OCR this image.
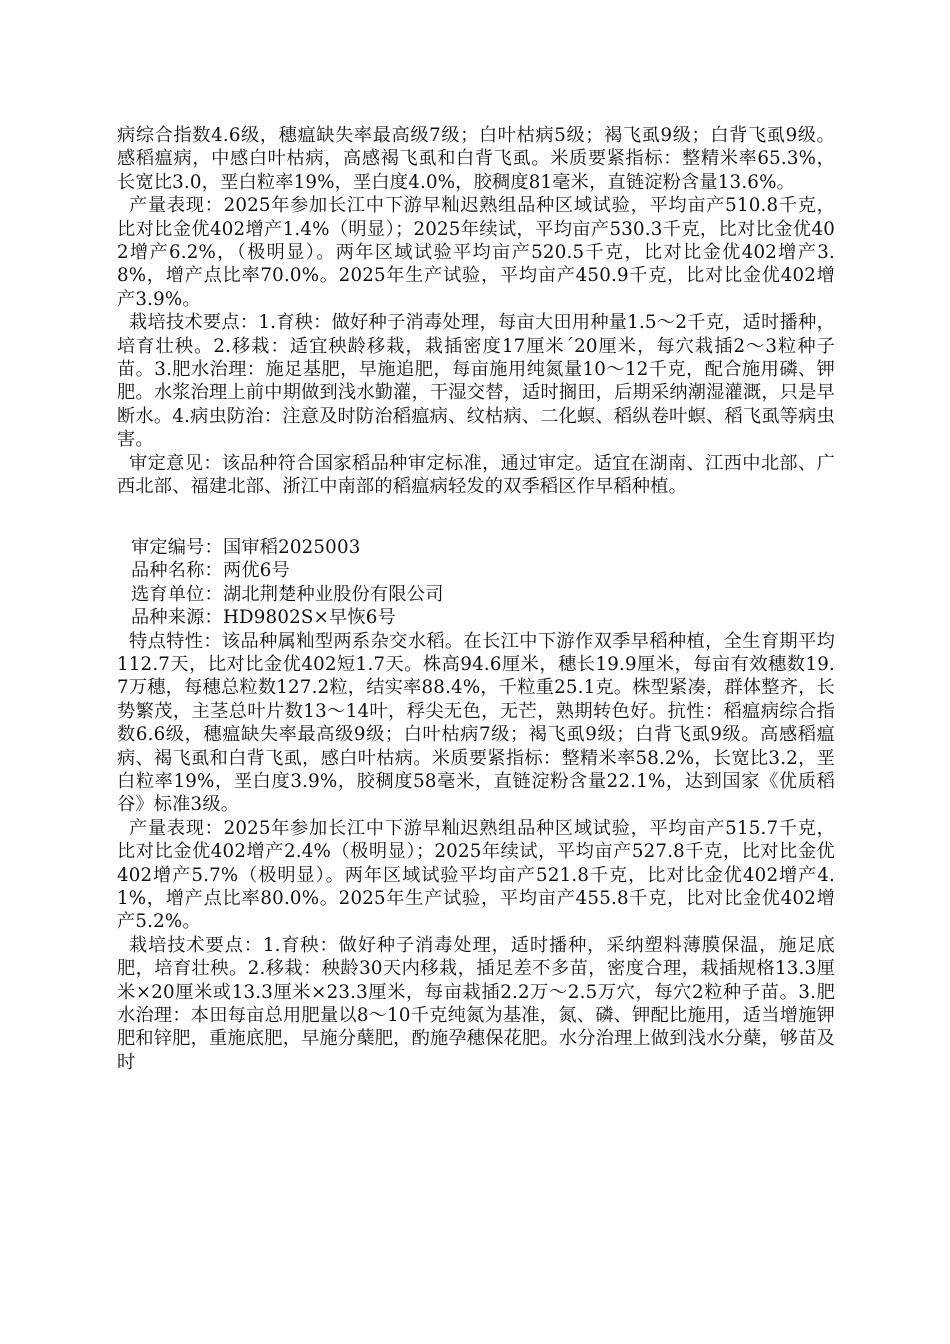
病综合指数4.6级，穗瘟缺失率最高级7级；白叶枯病5级；褐飞虱9级；白背飞虱9级。感稻瘟病，中感白叶枯病，高感褐飞虱和白背飞虱。米质要紧指标：整精米率65.3%，长宽比3.0，垩白粒率19%，垩白度4.0%，胶稠度81毫米，直链淀粉含量13.6%。

产量表现：2025年参加长江中下游早籼迟熟组品种区域试验，平均亩产510.8千克，比对比金优402增产1.4%（明显）；2025年续试，平均亩产530.3千克，比对比金优402增产6.2%，（极明显）。两年区域试验平均亩产520.5千克，比对比金优402增产3.8%，增产点比率70.0%。2025年生产试验，平均亩产450.9千克，比对比金优402增产3.9%。

栽培技术要点：1.育秧：做好种子消毒处理，每亩大田用种量1.5～2千克，适时播种，培育壮秧。2.移栽：适宜秧龄移栽，栽插密度17厘米´20厘米，每穴栽插2～3粒种子苗。3.肥水治理：施足基肥，早施追肥，每亩施用纯氮量10～12千克，配合施用磷、钾肥。水浆治理上前中期做到浅水勤灌，干湿交替，适时搁田，后期采纳潮湿灌溉，只是早断水。4.病虫防治：注意及时防治稻瘟病、纹枯病、二化螟、稻纵卷叶螟、稻飞虱等病虫害。

审定意见：该品种符合国家稻品种审定标准，通过审定。适宜在湖南、江西中北部、广西北部、福建北部、浙江中南部的稻瘟病轻发的双季稻区作早稻种植。

审定编号：国审稻2025003

品种名称：两优6号

选育单位：湖北荆楚种业股份有限公司

品种来源：HD9802S×早恢6号

特点特性：该品种属籼型两系杂交水稻。在长江中下游作双季早稻种植，全生育期平均112.7天，比对比金优402短1.7天。株高94.6厘米，穗长19.9厘米，每亩有效穗数19.7万穗，每穗总粒数127.2粒，结实率88.4%，千粒重25.1克。株型紧凑，群体整齐，长势繁茂，主茎总叶片数13～14叶，稃尖无色，无芒，熟期转色好。抗性：稻瘟病综合指数6.6级，穗瘟缺失率最高级9级；白叶枯病7级；褐飞虱9级；白背飞虱9级。高感稻瘟病、褐飞虱和白背飞虱，感白叶枯病。米质要紧指标：整精米率58.2%，长宽比3.2，垩白粒率19%，垩白度3.9%，胶稠度58毫米，直链淀粉含量22.1%，达到国家《优质稻谷》标准3级。

产量表现：2025年参加长江中下游早籼迟熟组品种区域试验，平均亩产515.7千克，比对比金优402增产2.4%（极明显）；2025年续试，平均亩产527.8千克，比对比金优402增产5.7%（极明显）。两年区域试验平均亩产521.8千克，比对比金优402增产4.1%，增产点比率80.0%。2025年生产试验，平均亩产455.8千克，比对比金优402增产5.2%。

栽培技术要点：1.育秧：做好种子消毒处理，适时播种，采纳塑料薄膜保温，施足底肥，培育壮秧。2.移栽：秧龄30天内移栽，插足差不多苗，密度合理，栽插规格13.3厘米×20厘米或13.3厘米×23.3厘米，每亩栽插2.2万～2.5万穴，每穴2粒种子苗。3.肥水治理：本田每亩总用肥量以8～10千克纯氮为基准，氮、磷、钾配比施用，适当增施钾肥和锌肥，重施底肥，早施分蘖肥，酌施孕穗保花肥。水分治理上做到浅水分蘖，够苗及时
